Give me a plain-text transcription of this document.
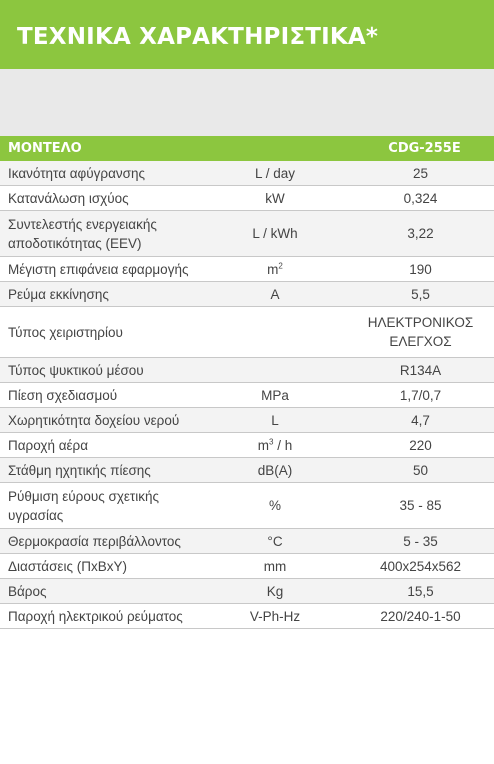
ΤΕΧΝΙΚΑ ΧΑΡΑΚΤΗΡΙΣΤΙΚΑ*
ΜΟΝΤΕΛΟ		CDG-255E
Ικανότητα αφύγρανσης	L / day	25
Κατανάλωση ισχύος	kW	0,324
Συντελεστής ενεργειακής αποδοτικότητας (EEV)	L / kWh	3,22
Μέγιστη επιφάνεια εφαρμογής	$m^2$	190
Ρεύμα εκκίνησης	A	5,5
Τύπος χειριστηρίου		ΗΛΕΚΤΡΟΝΙΚΟΣ ΕΛΕΓΧΟΣ
Τύπος ψυκτικού μέσου		R134A
Πίεση σχεδιασμού	MPa	1,7/0,7
Χωρητικότητα δοχείου νερού	L	4,7
Παροχή αέρα	$m^3$ / h	220
Στάθμη ηχητικής πίεσης	dB(A)	50
Ρύθμιση εύρους σχετικής υγρασίας	%	35 - 85
Θερμοκρασία περιβάλλοντος	°C	5 - 35
Διαστάσεις (ΠxΒxΥ)	mm	400x254x562
Βάρος	Kg	15,5
Παροχή ηλεκτρικού ρεύματος	V-Ph-Hz	220/240-1-50
